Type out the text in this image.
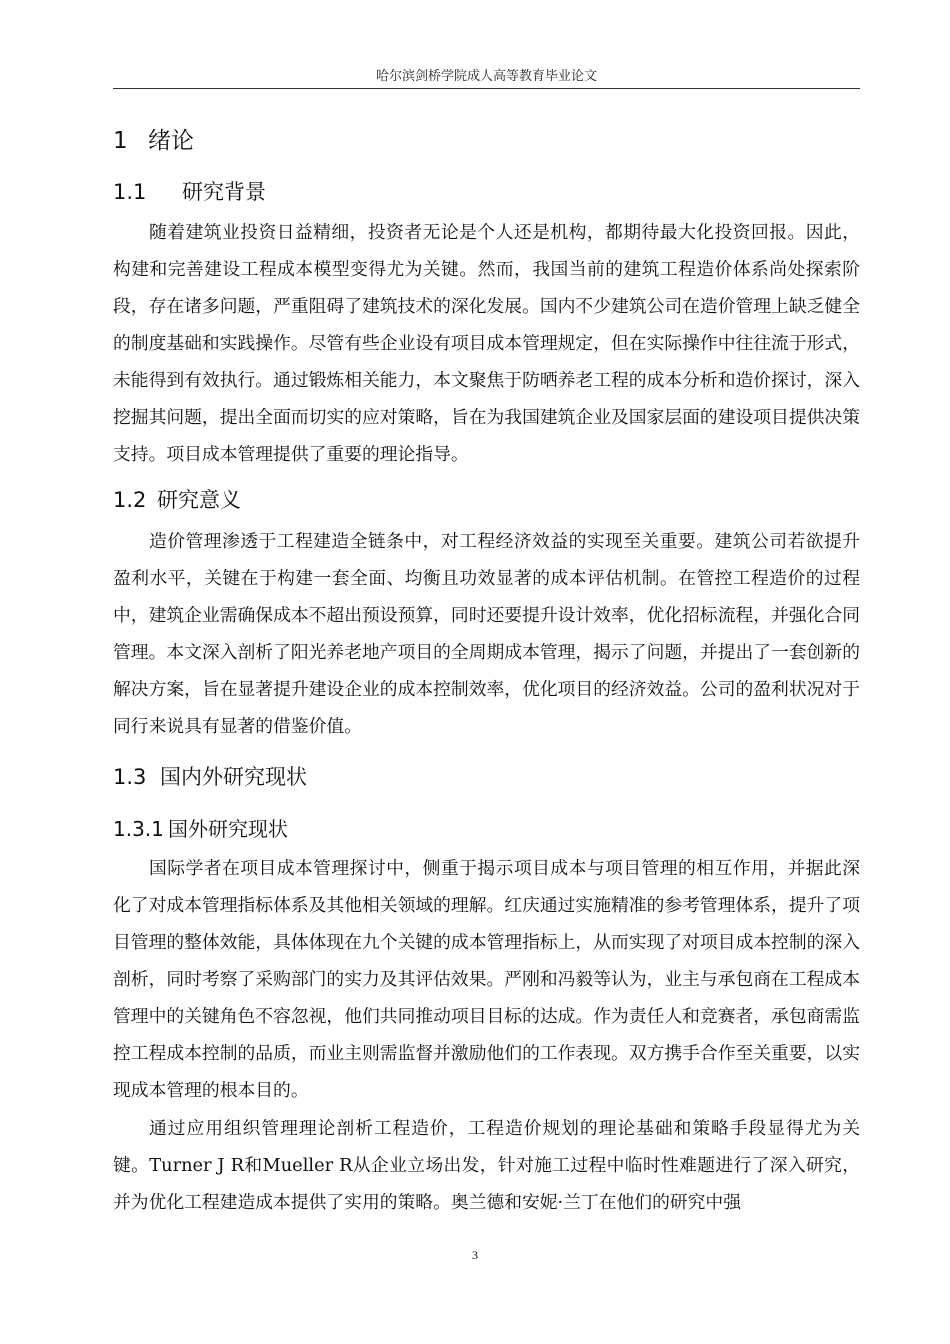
哈尔滨剑桥学院成人高等教育毕业论文
1 绪论
1.1 研究背景

随着建筑业投资日益精细，投资者无论是个人还是机构，都期待最大化投资回报。因此，构建和完善建设工程成本模型变得尤为关键。然而，我国当前的建筑工程造价体系尚处探索阶段，存在诸多问题，严重阻碍了建筑技术的深化发展。国内不少建筑公司在造价管理上缺乏健全的制度基础和实践操作。尽管有些企业设有项目成本管理规定，但在实际操作中往往流于形式，未能得到有效执行。通过锻炼相关能力，本文聚焦于防晒养老工程的成本分析和造价探讨，深入挖掘其问题，提出全面而切实的应对策略，旨在为我国建筑企业及国家层面的建设项目提供决策支持。项目成本管理提供了重要的理论指导。

1.2 研究意义

造价管理渗透于工程建造全链条中，对工程经济效益的实现至关重要。建筑公司若欲提升盈利水平，关键在于构建一套全面、均衡且功效显著的成本评估机制。在管控工程造价的过程中，建筑企业需确保成本不超出预设预算，同时还要提升设计效率，优化招标流程，并强化合同管理。本文深入剖析了阳光养老地产项目的全周期成本管理，揭示了问题，并提出了一套创新的解决方案，旨在显著提升建设企业的成本控制效率，优化项目的经济效益。公司的盈利状况对于同行来说具有显著的借鉴价值。

1.3 国内外研究现状
1.3.1 国外研究现状

国际学者在项目成本管理探讨中，侧重于揭示项目成本与项目管理的相互作用，并据此深化了对成本管理指标体系及其他相关领域的理解。红庆通过实施精准的参考管理体系，提升了项目管理的整体效能，具体体现在九个关键的成本管理指标上，从而实现了对项目成本控制的深入剖析，同时考察了采购部门的实力及其评估效果。严刚和冯毅等认为，业主与承包商在工程成本管理中的关键角色不容忽视，他们共同推动项目目标的达成。作为责任人和竞赛者，承包商需监控工程成本控制的品质，而业主则需监督并激励他们的工作表现。双方携手合作至关重要，以实现成本管理的根本目的。

通过应用组织管理理论剖析工程造价，工程造价规划的理论基础和策略手段显得尤为关键。Turner J R和Mueller R从企业立场出发，针对施工过程中临时性难题进行了深入研究，并为优化工程建造成本提供了实用的策略。奥兰德和安妮·兰丁在他们的研究中强

3
